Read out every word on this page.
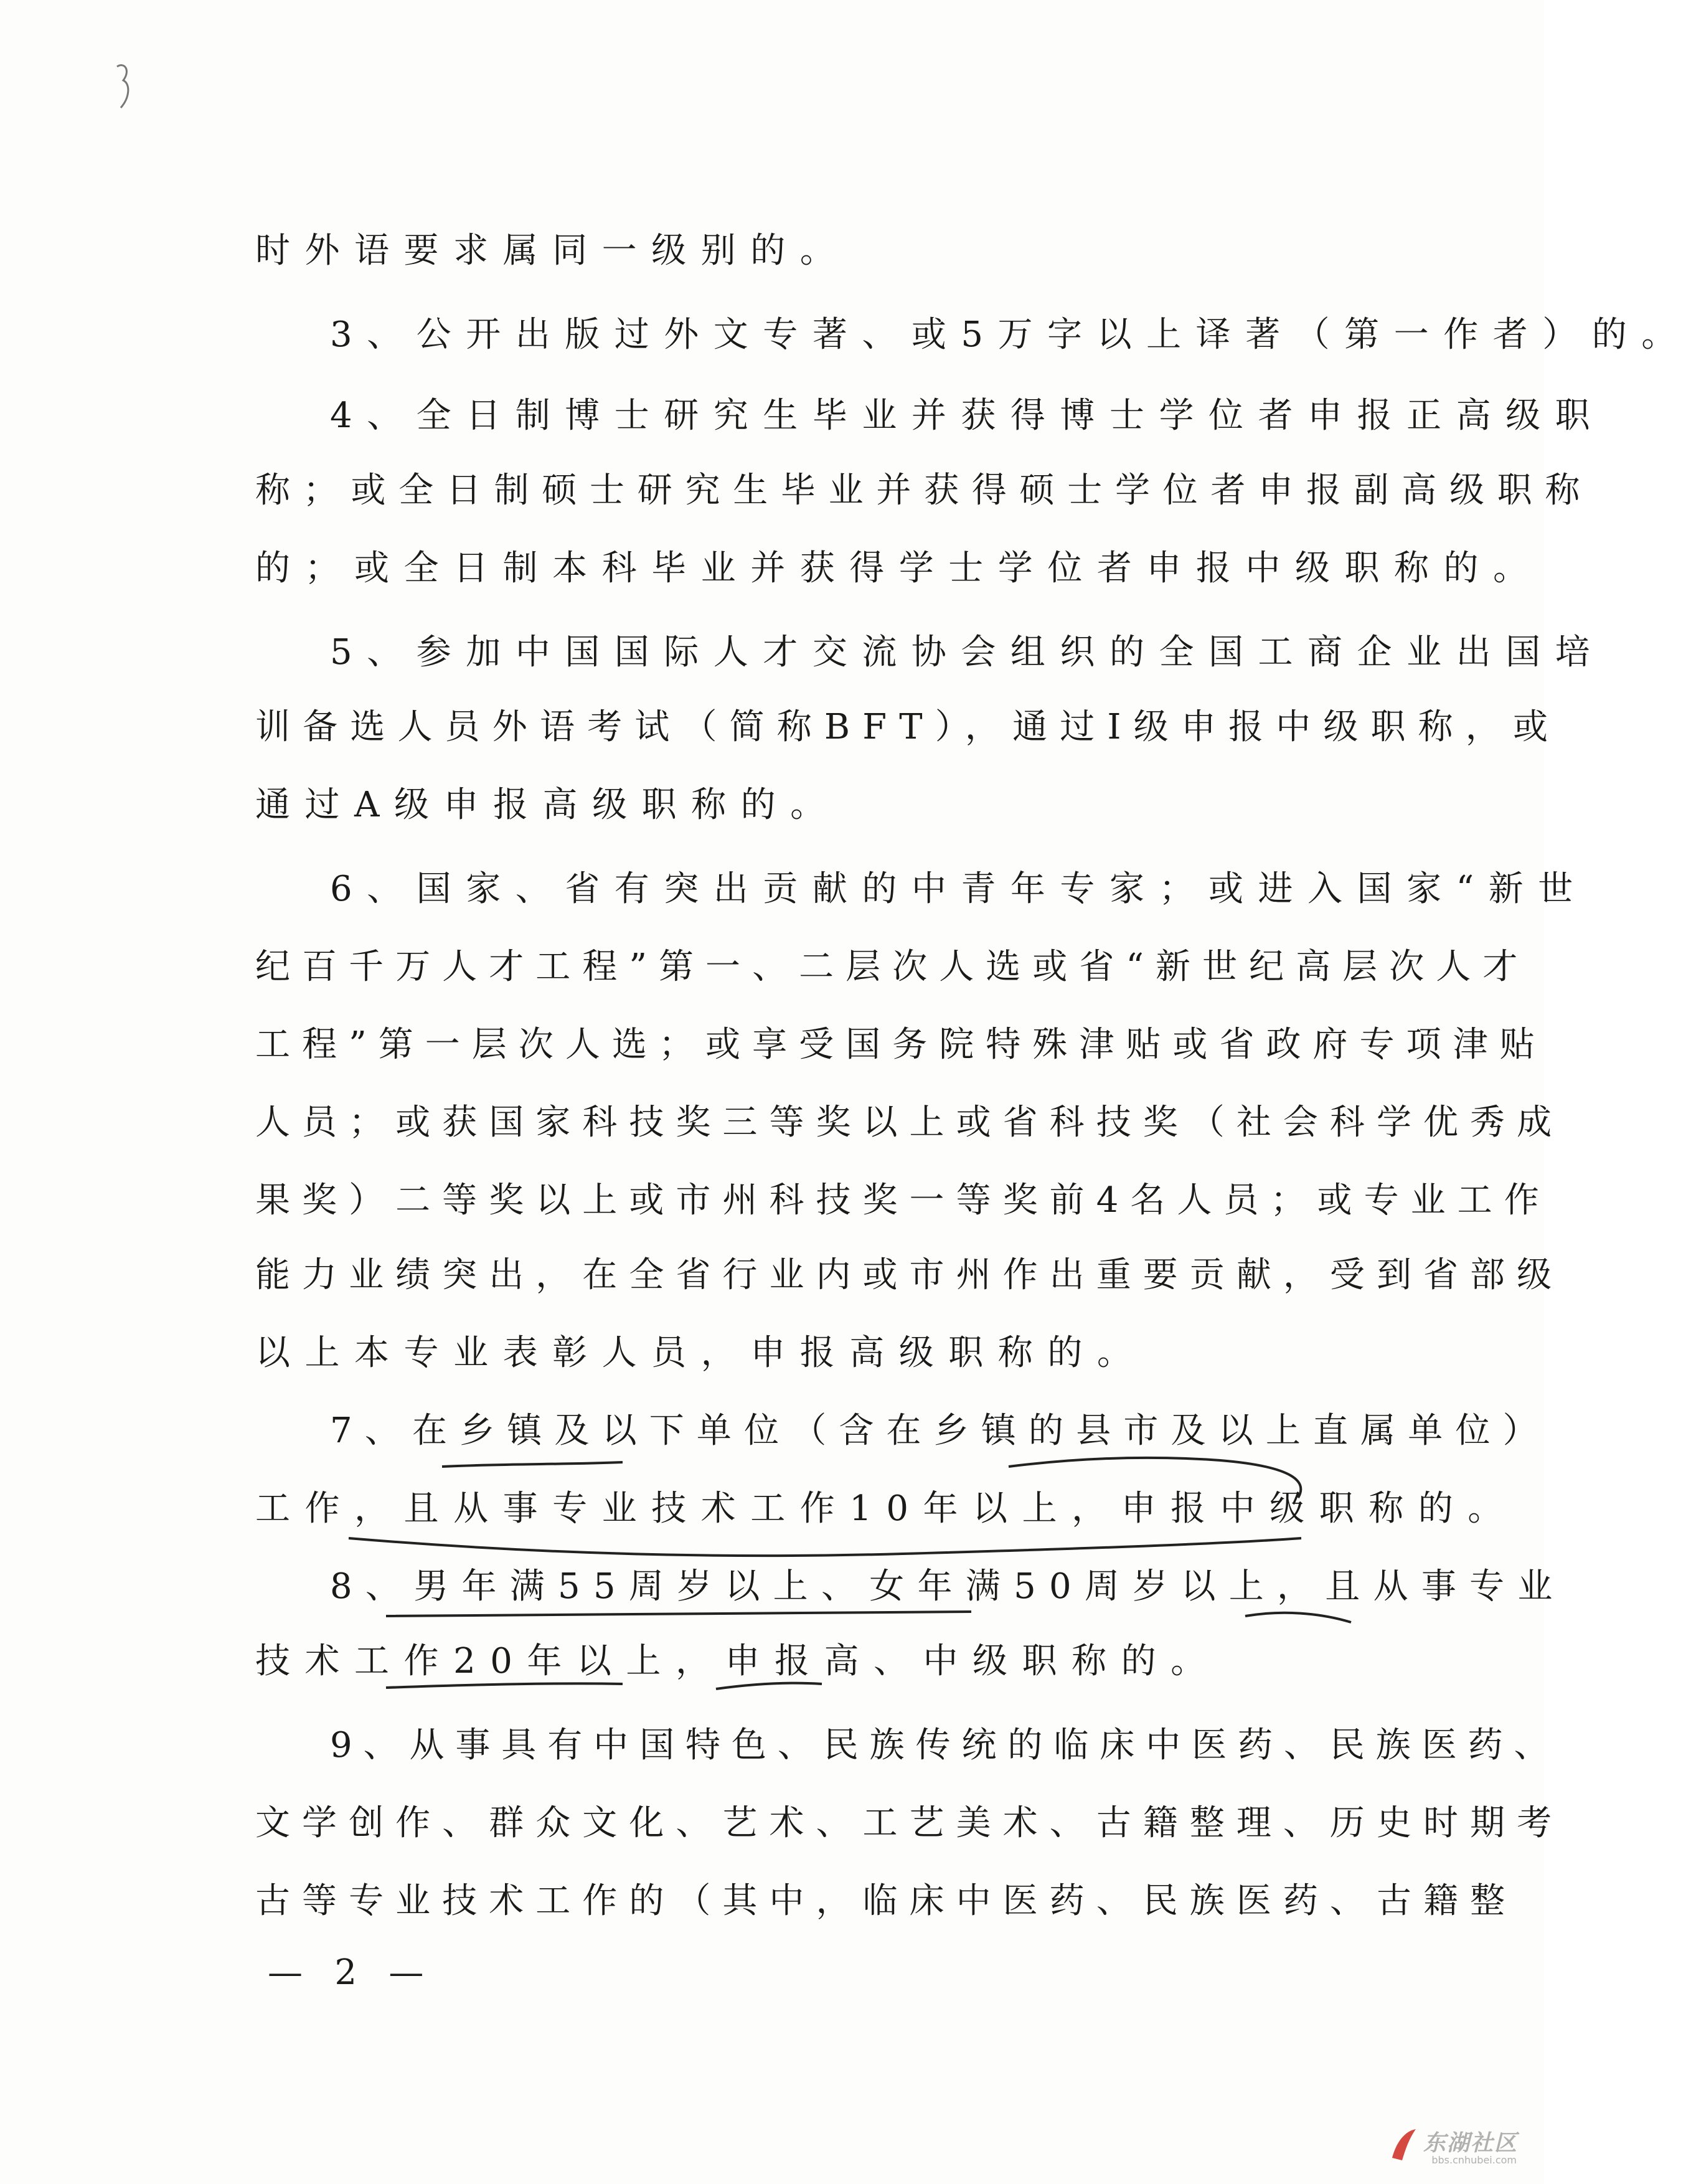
时外语要求属同一级别的。
3、公开出版过外文专著、或5万字以上译著（第一作者）的。
4、全日制博士研究生毕业并获得博士学位者申报正高级职
称；或全日制硕士研究生毕业并获得硕士学位者申报副高级职称
的；或全日制本科毕业并获得学士学位者申报中级职称的。
5、参加中国国际人才交流协会组织的全国工商企业出国培
训备选人员外语考试（简称BFT），通过Ⅰ级申报中级职称，或
通过A级申报高级职称的。
6、国家、省有突出贡献的中青年专家；或进入国家“新世
纪百千万人才工程”第一、二层次人选或省“新世纪高层次人才
工程”第一层次人选；或享受国务院特殊津贴或省政府专项津贴
人员；或获国家科技奖三等奖以上或省科技奖（社会科学优秀成
果奖）二等奖以上或市州科技奖一等奖前4名人员；或专业工作
能力业绩突出，在全省行业内或市州作出重要贡献，受到省部级
以上本专业表彰人员，申报高级职称的。
7、在乡镇及以下单位（含在乡镇的县市及以上直属单位）
工作，且从事专业技术工作10年以上，申报中级职称的。
8、男年满55周岁以上、女年满50周岁以上，且从事专业
技术工作20年以上，申报高、中级职称的。
9、从事具有中国特色、民族传统的临床中医药、民族医药、
文学创作、群众文化、艺术、工艺美术、古籍整理、历史时期考
古等专业技术工作的（其中，临床中医药、民族医药、古籍整
— 2 —
东湖社区
bbs.cnhubei.com
